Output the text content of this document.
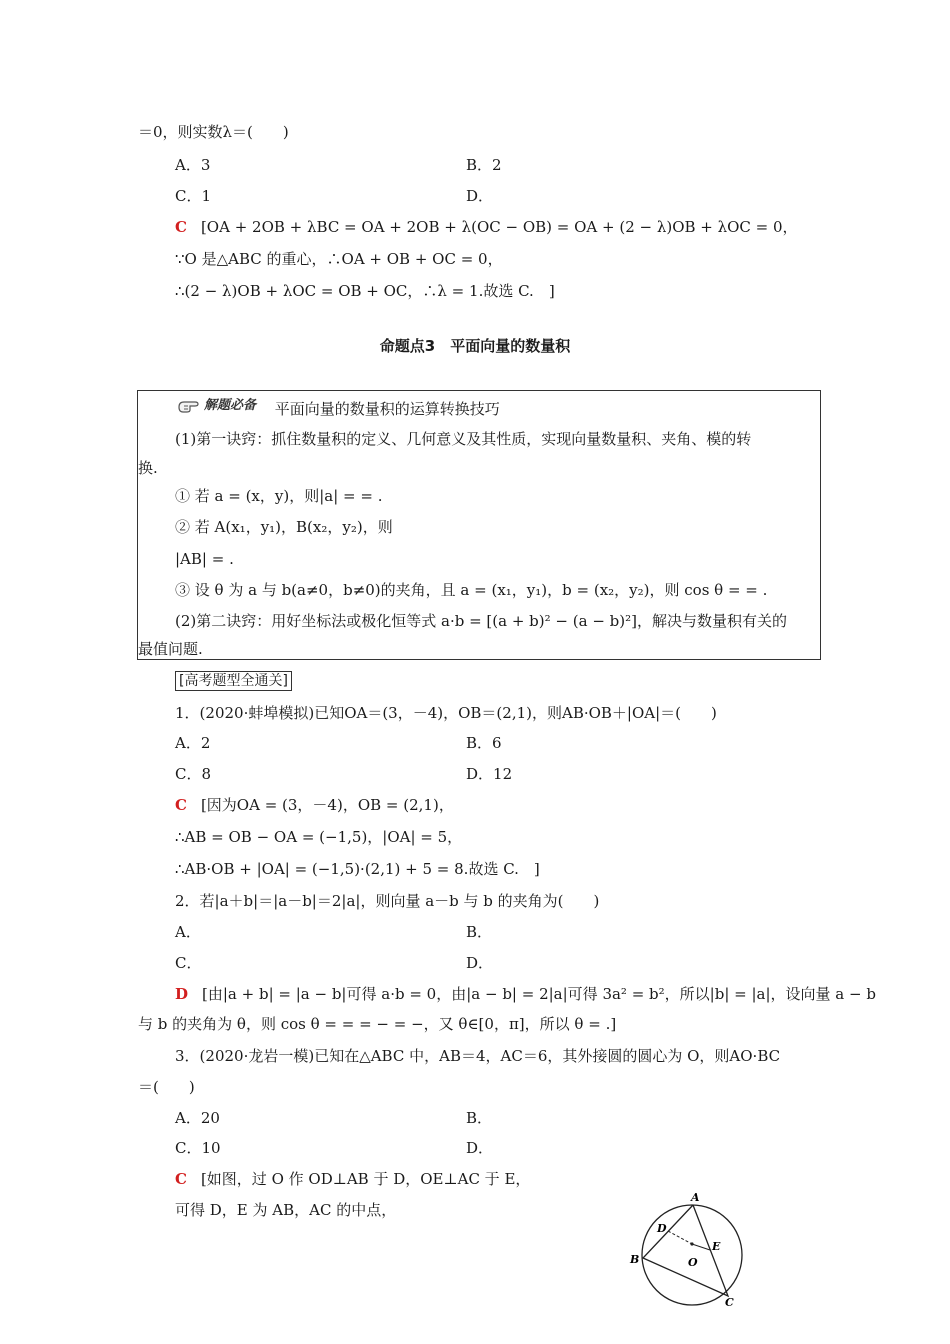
＝0，则实数λ＝(　　)
A．3	B．2
C．1	D．
C [OA + 2OB + λBC = OA + 2OB + λ(OC − OB) = OA + (2 − λ)OB + λOC = 0，
∵O 是△ABC 的重心，∴OA + OB + OC = 0，
∴(2 − λ)OB + λOC = OB + OC，∴λ = 1.故选 C.　]
命题点3　平面向量的数量积
解题必备 平面向量的数量积的运算转换技巧
(1)第一诀窍：抓住数量积的定义、几何意义及其性质，实现向量数量积、夹角、模的转
换.
① 若 a = (x，y)，则|a| = = .
② 若 A(x₁，y₁)，B(x₂，y₂)，则
|AB| = .
③ 设 θ 为 a 与 b(a≠0，b≠0)的夹角，且 a = (x₁，y₁)，b = (x₂，y₂)，则 cos θ = = .
(2)第二诀窍：用好坐标法或极化恒等式 a·b = [(a + b)² − (a − b)²]，解决与数量积有关的
最值问题.
[高考题型全通关]
1．(2020·蚌埠模拟)已知OA＝(3，－4)，OB＝(2,1)，则AB·OB＋|OA|＝(　　)
A．2	B．6
C．8	D．12
C [因为OA = (3，－4)，OB = (2,1)，
∴AB = OB − OA = (−1,5)，|OA| = 5，
∴AB·OB + |OA| = (−1,5)·(2,1) + 5 = 8.故选 C.　]
2．若|a＋b|＝|a－b|＝2|a|，则向量 a－b 与 b 的夹角为(　　)
A．	B．
C．	D．
D [由|a + b| = |a − b|可得 a·b = 0，由|a − b| = 2|a|可得 3a² = b²，所以|b| = |a|，设向量 a − b
与 b 的夹角为 θ，则 cos θ = = = − = −，又 θ∈[0，π]，所以 θ = .]
3．(2020·龙岩一模)已知在△ABC 中，AB＝4，AC＝6，其外接圆的圆心为 O，则AO·BC
＝(　　)
A．20	B．
C．10	D．
C [如图，过 O 作 OD⊥AB 于 D，OE⊥AC 于 E，
可得 D，E 为 AB，AC 的中点，
A
B
C
D
E
O
